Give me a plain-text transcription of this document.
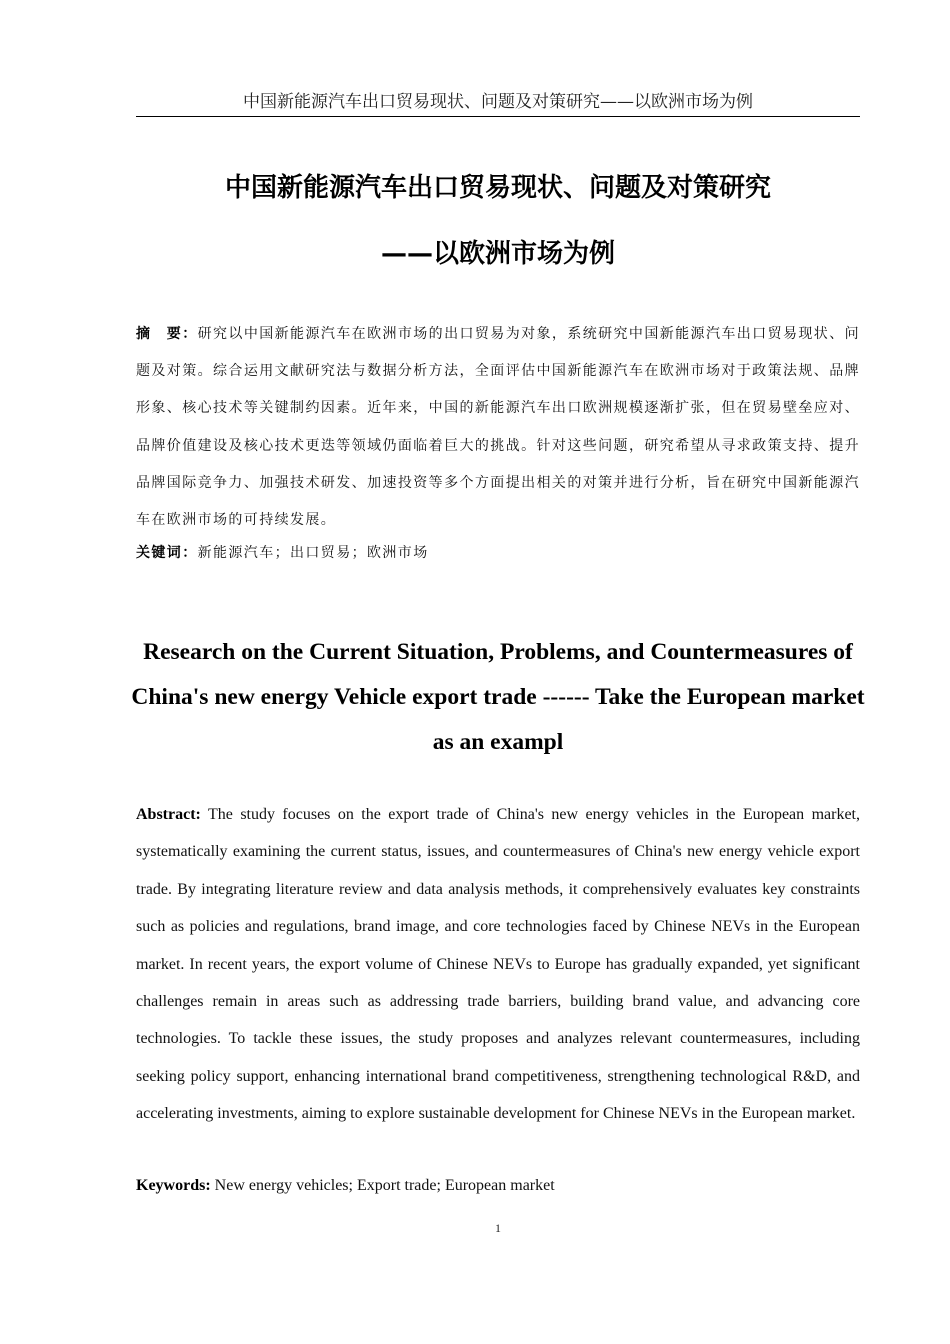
中国新能源汽车出口贸易现状、问题及对策研究——以欧洲市场为例
中国新能源汽车出口贸易现状、问题及对策研究
——以欧洲市场为例
摘　要：研究以中国新能源汽车在欧洲市场的出口贸易为对象，系统研究中国新能源汽车出口贸易现状、问题及对策。综合运用文献研究法与数据分析方法，全面评估中国新能源汽车在欧洲市场对于政策法规、品牌形象、核心技术等关键制约因素。近年来，中国的新能源汽车出口欧洲规模逐渐扩张，但在贸易壁垒应对、品牌价值建设及核心技术更迭等领域仍面临着巨大的挑战。针对这些问题，研究希望从寻求政策支持、提升品牌国际竞争力、加强技术研发、加速投资等多个方面提出相关的对策并进行分析，旨在研究中国新能源汽车在欧洲市场的可持续发展。
关键词：新能源汽车；出口贸易；欧洲市场
Research on the Current Situation, Problems, and Countermeasures of China's new energy Vehicle export trade ------ Take the European market as an exampl
Abstract: The study focuses on the export trade of China's new energy vehicles in the European market, systematically examining the current status, issues, and countermeasures of China's new energy vehicle export trade. By integrating literature review and data analysis methods, it comprehensively evaluates key constraints such as policies and regulations, brand image, and core technologies faced by Chinese NEVs in the European market. In recent years, the export volume of Chinese NEVs to Europe has gradually expanded, yet significant challenges remain in areas such as addressing trade barriers, building brand value, and advancing core technologies. To tackle these issues, the study proposes and analyzes relevant countermeasures, including seeking policy support, enhancing international brand competitiveness, strengthening technological R&D, and accelerating investments, aiming to explore sustainable development for Chinese NEVs in the European market.
Keywords: New energy vehicles; Export trade; European market
1
